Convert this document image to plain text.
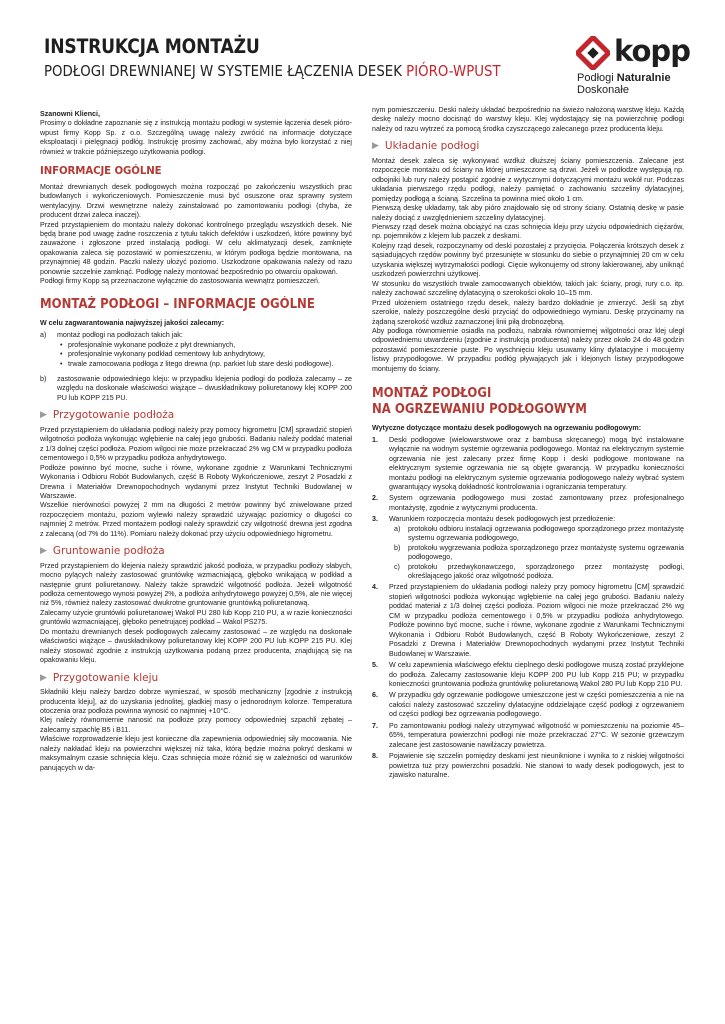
INSTRUKCJA MONTAŻU
PODŁOGI DREWNIANEJ W SYSTEMIE ŁĄCZENIA DESEK PIÓRO-WPUST
kopp
Podłogi Naturalnie
Doskonałe

Szanowni Klienci,

Prosimy o dokładne zapoznanie się z instrukcją montażu podłogi w systemie łączenia desek pióro-wpust firmy Kopp Sp. z o.o. Szczególną uwagę należy zwrócić na informacje dotyczące eksploatacji i pielęgnacji podłóg. Instrukcję prosimy zachować, aby można było korzystać z niej również w trakcie późniejszego użytkowania podłogi.

INFORMACJE OGÓLNE

Montaż drewnianych desek podłogowych można rozpocząć po zakończeniu wszystkich prac budowlanych i wykończeniowych. Pomieszczenie musi być osuszone oraz sprawny system wentylacyjny. Drzwi wewnętrzne należy zainstalować po zamontowaniu podłogi (chyba, że producent drzwi zaleca inaczej).

Przed przystąpieniem do montażu należy dokonać kontrolnego przeglądu wszystkich desek. Nie będą brane pod uwagę żadne roszczenia z tytułu takich defektów i uszkodzeń, które powinny być zauważone i zgłoszone przed instalacją podłogi. W celu aklimatyzacji desek, zamknięte opakowania zaleca się pozostawić w pomieszczeniu, w którym podłoga będzie montowana, na przynajmniej 48 godzin. Paczki należy ułożyć poziomo. Uszkodzone opakowania należy od razu ponownie szczelnie zamknąć. Podłogę należy montować bezpośrednio po otwarciu opakowań.

Podłogi firmy Kopp są przeznaczone wyłącznie do zastosowania wewnątrz pomieszczeń.

MONTAŻ PODŁOGI – INFORMACJE OGÓLNE

W celu zagwarantowania najwyższej jakości zalecamy:

a)	montaż podłogi na podłożach takich jak:
• profesjonalnie wykonane podłoże z płyt drewnianych,
• profesjonalnie wykonany podkład cementowy lub anhydrytowy,
• trwale zamocowana podłoga z litego drewna (np. parkiet lub stare deski podłogowe).
b)	zastosowanie odpowiedniego kleju: w przypadku klejenia podłogi do podłoża zalecamy – ze względu na doskonałe właściwości wiążące – dwuskładnikowy poliuretanowy klej KOPP 200 PU lub KOPP 215 PU.
▶ Przygotowanie podłoża

Przed przystąpieniem do układania podłogi należy przy pomocy higrometru [CM] sprawdzić stopień wilgotności podłoża wykonując wgłębienie na całej jego grubości. Badaniu należy poddać materiał z 1/3 dolnej części podłoża. Poziom wilgoci nie może przekraczać 2% wg CM w przypadku podłoża cementowego i 0,5% w przypadku podłoża anhydrytowego.

Podłoże powinno być mocne, suche i równe, wykonane zgodnie z Warunkami Technicznymi Wykonania i Odbioru Robót Budowlanych, część B Roboty Wykończeniowe, zeszyt 2 Posadzki z Drewna i Materiałów Drewnopochodnych wydanymi przez Instytut Techniki Budowlanej w Warszawie.

Wszelkie nierówności powyżej 2 mm na długości 2 metrów powinny być zniwelowane przed rozpoczęciem montażu, poziom wylewki należy sprawdzić używając poziomicy o długości co najmniej 2 metrów. Przed montażem podłogi należy sprawdzić czy wilgotność drewna jest zgodna z zalecaną (od 7% do 11%). Pomiaru należy dokonać przy użyciu odpowiedniego higrometru.

▶ Gruntowanie podłoża

Przed przystąpieniem do klejenia należy sprawdzić jakość podłoża, w przypadku podłoży słabych, mocno pylących należy zastosować gruntówkę wzmacniającą, głęboko wnikającą w podkład a następnie grunt poliuretanowy. Należy także sprawdzić wilgotność podłoża. Jeżeli wilgotność podłoża cementowego wynosi powyżej 2%, a podłoża anhydrytowego powyżej 0,5%, ale nie więcej niż 5%, również należy zastosować dwukrotne gruntowanie gruntówką poliuretanową.

Zalecamy użycie gruntówki poliuretanowej Wakol PU 280 lub Kopp 210 PU, a w razie konieczności gruntówki wzmacniającej, głęboko penetrującej podkład – Wakol PS275.

Do montażu drewnianych desek podłogowych zalecamy zastosować – ze względu na doskonałe właściwości wiążące – dwuskładnikowy poliuretanowy klej KOPP 200 PU lub KOPP 215 PU. Klej należy stosować zgodnie z instrukcją użytkowania podaną przez producenta, znajdującą się na opakowaniu kleju.

▶ Przygotowanie kleju

Składniki kleju należy bardzo dobrze wymieszać, w sposób mechaniczny [zgodnie z instrukcją producenta kleju], aż do uzyskania jednolitej, gładkiej masy o jednorodnym kolorze. Temperatura otoczenia oraz podłoża powinna wynosić co najmniej +10°C.

Klej należy równomiernie nanosić na podłoże przy pomocy odpowiedniej szpachli zębatej – zalecamy szpachlę B5 i B11.

Właściwe rozprowadzenie kleju jest konieczne dla zapewnienia odpowiedniej siły mocowania. Nie należy nakładać kleju na powierzchni większej niż taka, którą będzie można pokryć deskami w maksymalnym czasie schnięcia kleju. Czas schnięcia może różnić się w zależności od warunków panujących w da-

nym pomieszczeniu. Deski należy układać bezpośrednio na świeżo nałożoną warstwę kleju. Każdą deskę należy mocno docisnąć do warstwy kleju. Klej wydostający się na powierzchnię podłogi należy od razu wytrzeć za pomocą środka czyszczącego zalecanego przez producenta kleju.

▶ Układanie podłogi

Montaż desek zaleca się wykonywać wzdłuż dłuższej ściany pomieszczenia. Zalecane jest rozpoczęcie montażu od ściany na której umieszczone są drzwi. Jeżeli w podłodze występują np. odbojniki lub rury należy postąpić zgodnie z wytycznymi dotyczącymi montażu wokół rur. Podczas układania pierwszego rzędu podłogi, należy pamiętać o zachowaniu szczeliny dylatacyjnej, pomiędzy podłogą a ścianą. Szczelina ta powinna mieć około 1 cm.

Pierwszą deskę układamy, tak aby pióro znajdowało się od strony ściany. Ostatnią deskę w pasie należy dociąć z uwzględnieniem szczeliny dylatacyjnej.

Pierwszy rząd desek można obciążyć na czas schnięcia kleju przy użyciu odpowiednich ciężarów, np. pojemników z klejem lub paczek z deskami.

Kolejny rząd desek, rozpoczynamy od deski pozostałej z przycięcia. Połączenia krótszych desek z sąsiadujących rzędów powinny być przesunięte w stosunku do siebie o przynajmniej 20 cm w celu uzyskania większej wytrzymałości podłogi. Cięcie wykonujemy od strony lakierowanej, aby uniknąć uszkodzeń powierzchni użytkowej.

W stosunku do wszystkich trwale zamocowanych obiektów, takich jak: ściany, progi, rury c.o. itp. należy zachować szczelinę dylatacyjną o szerokości około 10–15 mm.

Przed ułożeniem ostatniego rzędu desek, należy bardzo dokładnie je zmierzyć. Jeśli są zbyt szerokie, należy poszczególne deski przyciąć do odpowiedniego wymiaru. Deskę przycinamy na żądaną szerokość wzdłuż zaznaczonej linii piłą drobnozębną.

Aby podłoga równomiernie osiadła na podłożu, nabrała równomiernej wilgotności oraz klej uległ odpowiedniemu utwardzeniu (zgodnie z instrukcją producenta) należy przez około 24 do 48 godzin pozostawić pomieszczenie puste. Po wyschnięciu kleju usuwamy kliny dylatacyjne i mocujemy listwy przypodłogowe. W przypadku podłóg pływających jak i klejonych listwy przypodłogowe montujemy do ściany.

MONTAŻ PODŁOGI
NA OGRZEWANIU PODŁOGOWYM

Wytyczne dotyczące montażu desek podłogowych na ogrzewaniu podłogowym:

1.	Deski podłogowe (wielowarstwowe oraz z bambusa skręcanego) mogą być instalowane wyłącznie na wodnym systemie ogrzewania podłogowego. Montaż na elektrycznym systemie ogrzewania nie jest zalecany przez firmę Kopp i deski podłogowe montowane na elektrycznym systemie ogrzewania nie są objęte gwarancją. W przypadku konieczności montażu podłogi na elektrycznym systemie ogrzewania podłogowego należy wybrać system gwarantujący wysoką dokładność kontrolowania i ograniczania temperatury.
2.	System ogrzewania podłogowego musi zostać zamontowany przez profesjonalnego montażystę, zgodnie z wytycznymi producenta.
3.	Warunkiem rozpoczęcia montażu desek podłogowych jest przedłożenie:
a)	protokołu odbioru instalacji ogrzewania podłogowego sporządzonego przez montażystę systemu ogrzewania podłogowego,
b)	protokołu wygrzewania podłoża sporządzonego przez montażystę systemu ogrzewania podłogowego,
c)	protokołu przedwykonawczego, sporządzonego przez montażystę podłogi, określającego jakość oraz wilgotność podłoża.
4.	Przed przystąpieniem do układania podłogi należy przy pomocy higrometru [CM] sprawdzić stopień wilgotności podłoża wykonując wgłębienie na całej jego grubości. Badaniu należy poddać materiał z 1/3 dolnej części podłoża. Poziom wilgoci nie może przekraczać 2% wg CM w przypadku podłoża cementowego i 0,5% w przypadku podłoża anhydrytowego. Podłoże powinno być mocne, suche i równe, wykonane zgodnie z Warunkami Technicznymi Wykonania i Odbioru Robót Budowlanych, część B Roboty Wykończeniowe, zeszyt 2 Posadzki z Drewna i Materiałów Drewnopochodnych wydanymi przez Instytut Techniki Budowlanej w Warszawie.
5.	W celu zapewnienia właściwego efektu cieplnego deski podłogowe muszą zostać przyklejone do podłoża. Zalecamy zastosowanie kleju KOPP 200 PU lub Kopp 215 PU; w przypadku konieczności gruntowania podłoża gruntówkę poliuretanową Wakol 280 PU lub Kopp 210 PU.
6.	W przypadku gdy ogrzewanie podłogowe umieszczone jest w części pomieszczenia a nie na całości należy zastosować szczeliny dylatacyjne oddzielające część podłogi z ogrzewaniem od części podłogi bez ogrzewania podłogowego.
7.	Po zamontowaniu podłogi należy utrzymywać wilgotność w pomieszczeniu na poziomie 45–65%, temperatura powierzchni podłogi nie może przekraczać 27°C. W sezonie grzewczym zalecane jest zastosowanie nawilżaczy powietrza.
8.	Pojawienie się szczelin pomiędzy deskami jest nieuniknione i wynika to z niskiej wilgotności powietrza tuż przy powierzchni posadzki. Nie stanowi to wady desek podłogowych, jest to zjawisko naturalne.
